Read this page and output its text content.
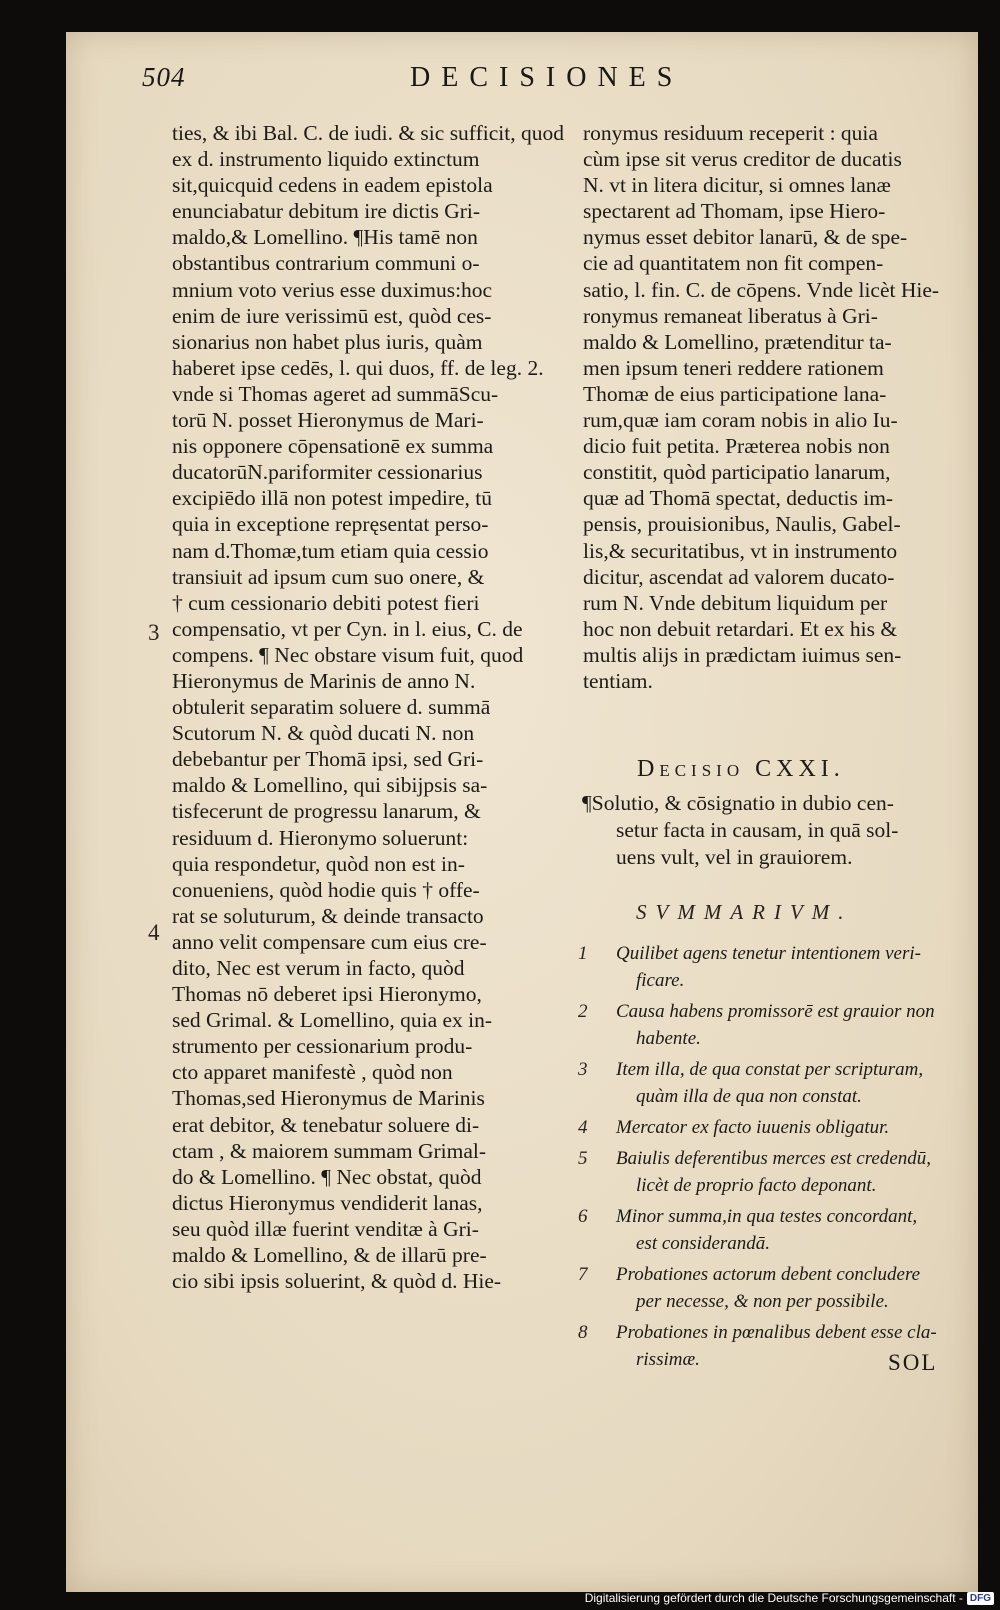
504	DECISIONES
ties, & ibi Bal. C. de iudi. & sic sufficit, quod
ex d. instrumento liquido extinctum
sit,quicquid cedens in eadem epistola
enunciabatur debitum ire dictis Gri-
maldo,& Lomellino. ¶His tamē non
obstantibus contrarium communi o-
mnium voto verius esse duximus:hoc
enim de iure verissimū est, quòd ces-
sionarius non habet plus iuris, quàm
haberet ipse cedēs, l. qui duos, ff. de leg. 2.
vnde si Thomas ageret ad summāScu-
torū N. posset Hieronymus de Mari-
nis opponere cōpensationē ex summa
ducatorūN.pariformiter cessionarius
excipiēdo illā non potest impedire, tū
quia in exceptione repręsentat perso-
nam d.Thomæ,tum etiam quia cessio
transiuit ad ipsum cum suo onere, &
† cum cessionario debiti potest fieri
compensatio, vt per Cyn. in l. eius, C. de
compens. ¶ Nec obstare visum fuit, quod
Hieronymus de Marinis de anno N.
obtulerit separatim soluere d. summā
Scutorum N. & quòd ducati N. non
debebantur per Thomā ipsi, sed Gri-
maldo & Lomellino, qui sibijpsis sa-
tisfecerunt de progressu lanarum, &
residuum d. Hieronymo soluerunt:
quia respondetur, quòd non est in-
conueniens, quòd hodie quis † offe-
rat se soluturum, & deinde transacto
anno velit compensare cum eius cre-
dito, Nec est verum in facto, quòd
Thomas nō deberet ipsi Hieronymo,
sed Grimal. & Lomellino, quia ex in-
strumento per cessionarium produ-
cto apparet manifestè , quòd non
Thomas,sed Hieronymus de Marinis
erat debitor, & tenebatur soluere di-
ctam , & maiorem summam Grimal-
do & Lomellino. ¶ Nec obstat, quòd
dictus Hieronymus vendiderit lanas,
seu quòd illæ fuerint venditæ à Gri-
maldo & Lomellino, & de illarū pre-
cio sibi ipsis soluerint, & quòd d. Hie-
3
4
ronymus residuum receperit : quia
cùm ipse sit verus creditor de ducatis
N. vt in litera dicitur, si omnes lanæ
spectarent ad Thomam, ipse Hiero-
nymus esset debitor lanarū, & de spe-
cie ad quantitatem non fit compen-
satio, l. fin. C. de cōpens. Vnde licèt Hie-
ronymus remaneat liberatus à Gri-
maldo & Lomellino, prætenditur ta-
men ipsum teneri reddere rationem
Thomæ de eius participatione lana-
rum,quæ iam coram nobis in alio Iu-
dicio fuit petita. Præterea nobis non
constitit, quòd participatio lanarum,
quæ ad Thomā spectat, deductis im-
pensis, prouisionibus, Naulis, Gabel-
lis,& securitatibus, vt in instrumento
dicitur, ascendat ad valorem ducato-
rum N. Vnde debitum liquidum per
hoc non debuit retardari. Et ex his &
multis alijs in prædictam iuimus sen-
tentiam.
Decisio CXXI.
¶Solutio, & cōsignatio in dubio cen-
setur facta in causam, in quā sol-
uens vult, vel in grauiorem.
SVMMARIVM.
1	Quilibet agens tenetur intentionem veri-
ficare.
2	Causa habens promissorē est grauior non
habente.
3	Item illa, de qua constat per scripturam,
quàm illa de qua non constat.
4	Mercator ex facto iuuenis obligatur.
5	Baiulis deferentibus merces est credendū,
licèt de proprio facto deponant.
6	Minor summa,in qua testes concordant,
est considerandā.
7	Probationes actorum debent concludere
per necesse, & non per possibile.
8	Probationes in pœnalibus debent esse cla-
rissimæ.	SOL
Digitalisierung gefördert durch die Deutsche Forschungsgemeinschaft - DFG
